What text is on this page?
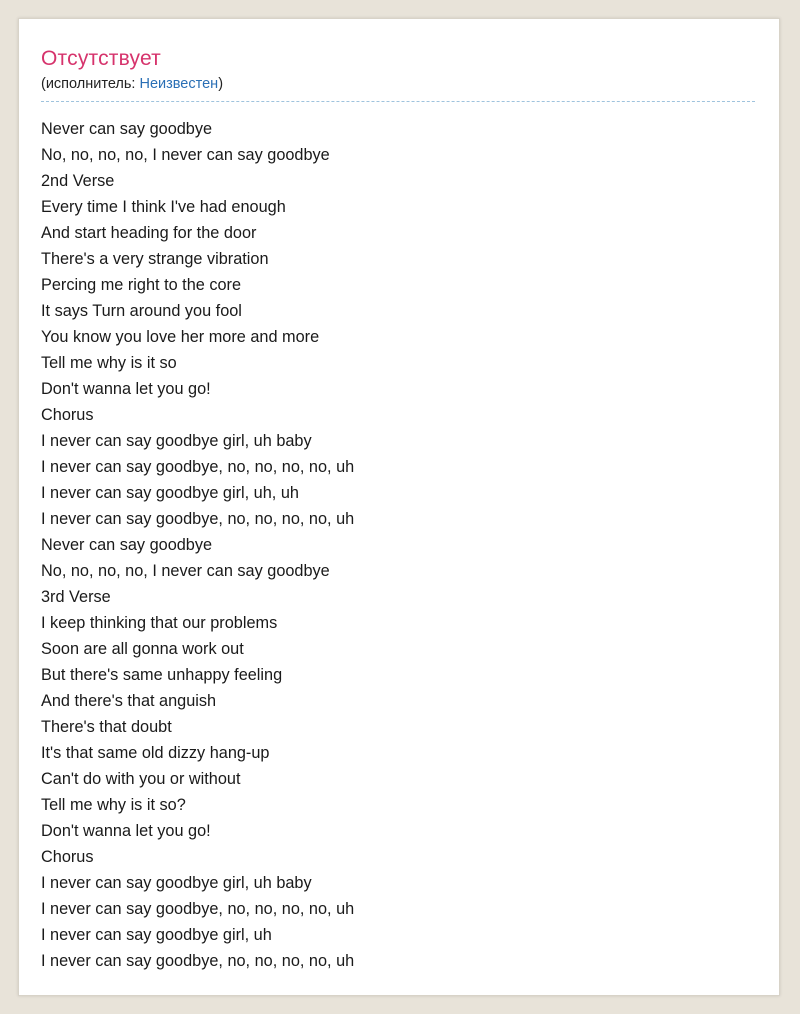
Отсутствует
(исполнитель: Неизвестен)
Never can say goodbye
No, no, no, no, I never can say goodbye
2nd Verse
Every time I think I've had enough
And start heading for the door
There's a very strange vibration
Percing me right to the core
It says Turn around you fool
You know you love her more and more
Tell me why is it so
Don't wanna let you go!
Chorus
I never can say goodbye girl, uh baby
I never can say goodbye, no, no, no, no, uh
I never can say goodbye girl, uh, uh
I never can say goodbye, no, no, no, no, uh
Never can say goodbye
No, no, no, no, I never can say goodbye
3rd Verse
I keep thinking that our problems
Soon are all gonna work out
But there's same unhappy feeling
And there's that anguish
There's that doubt
It's that same old dizzy hang-up
Can't do with you or without
Tell me why is it so?
Don't wanna let you go!
Chorus
I never can say goodbye girl, uh baby
I never can say goodbye, no, no, no, no, uh
I never can say goodbye girl, uh
I never can say goodbye, no, no, no, no, uh
